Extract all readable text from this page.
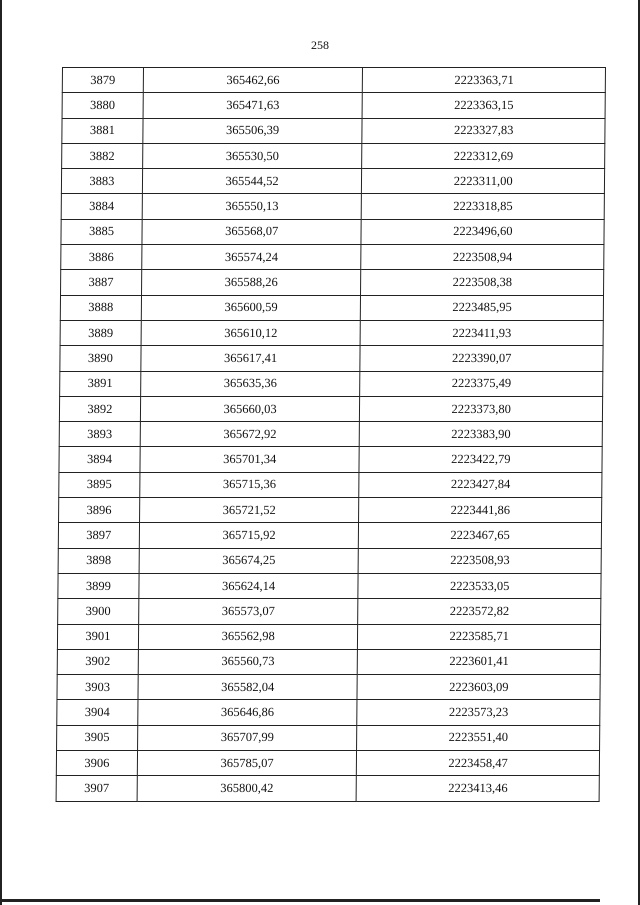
258
3879	365462,66	2223363,71
3880	365471,63	2223363,15
3881	365506,39	2223327,83
3882	365530,50	2223312,69
3883	365544,52	2223311,00
3884	365550,13	2223318,85
3885	365568,07	2223496,60
3886	365574,24	2223508,94
3887	365588,26	2223508,38
3888	365600,59	2223485,95
3889	365610,12	2223411,93
3890	365617,41	2223390,07
3891	365635,36	2223375,49
3892	365660,03	2223373,80
3893	365672,92	2223383,90
3894	365701,34	2223422,79
3895	365715,36	2223427,84
3896	365721,52	2223441,86
3897	365715,92	2223467,65
3898	365674,25	2223508,93
3899	365624,14	2223533,05
3900	365573,07	2223572,82
3901	365562,98	2223585,71
3902	365560,73	2223601,41
3903	365582,04	2223603,09
3904	365646,86	2223573,23
3905	365707,99	2223551,40
3906	365785,07	2223458,47
3907	365800,42	2223413,46
